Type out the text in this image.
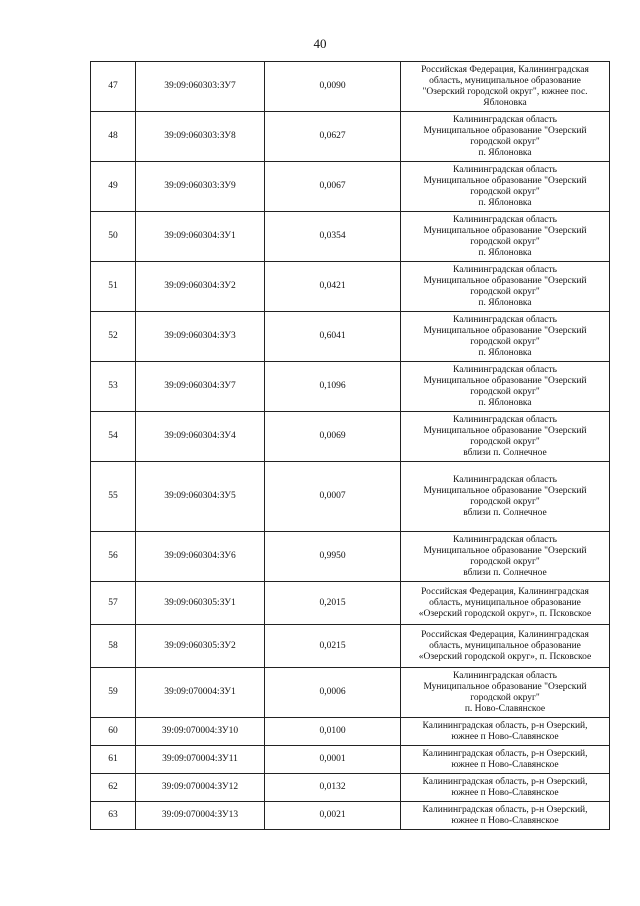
40
47	39:09:060303:ЗУ7	0,0090	Российская Федерация, Калининградская
область, муниципальное образование
"Озерский городской округ", южнее пос.
Яблоновка
48	39:09:060303:ЗУ8	0,0627	Калининградская область
Муниципальное образование "Озерский
городской округ"
п. Яблоновка
49	39:09:060303:ЗУ9	0,0067	Калининградская область
Муниципальное образование "Озерский
городской округ"
п. Яблоновка
50	39:09:060304:ЗУ1	0,0354	Калининградская область
Муниципальное образование "Озерский
городской округ"
п. Яблоновка
51	39:09:060304:ЗУ2	0,0421	Калининградская область
Муниципальное образование "Озерский
городской округ"
п. Яблоновка
52	39:09:060304:ЗУ3	0,6041	Калининградская область
Муниципальное образование "Озерский
городской округ"
п. Яблоновка
53	39:09:060304:ЗУ7	0,1096	Калининградская область
Муниципальное образование "Озерский
городской округ"
п. Яблоновка
54	39:09:060304:ЗУ4	0,0069	Калининградская область
Муниципальное образование "Озерский
городской округ"
вблизи п. Солнечное
55	39:09:060304:ЗУ5	0,0007	Калининградская область
Муниципальное образование "Озерский
городской округ"
вблизи п. Солнечное
56	39:09:060304:ЗУ6	0,9950	Калининградская область
Муниципальное образование "Озерский
городской округ"
вблизи п. Солнечное
57	39:09:060305:ЗУ1	0,2015	Российская Федерация, Калининградская
область, муниципальное образование
«Озерский городской округ», п. Псковское
58	39:09:060305:ЗУ2	0,0215	Российская Федерация, Калининградская
область, муниципальное образование
«Озерский городской округ», п. Псковское
59	39:09:070004:ЗУ1	0,0006	Калининградская область
Муниципальное образование "Озерский
городской округ"
п. Ново-Славянское
60	39:09:070004:ЗУ10	0,0100	Калининградская область, р-н Озерский,
южнее п Ново-Славянское
61	39:09:070004:ЗУ11	0,0001	Калининградская область, р-н Озерский,
южнее п Ново-Славянское
62	39:09:070004:ЗУ12	0,0132	Калининградская область, р-н Озерский,
южнее п Ново-Славянское
63	39:09:070004:ЗУ13	0,0021	Калининградская область, р-н Озерский,
южнее п Ново-Славянское
